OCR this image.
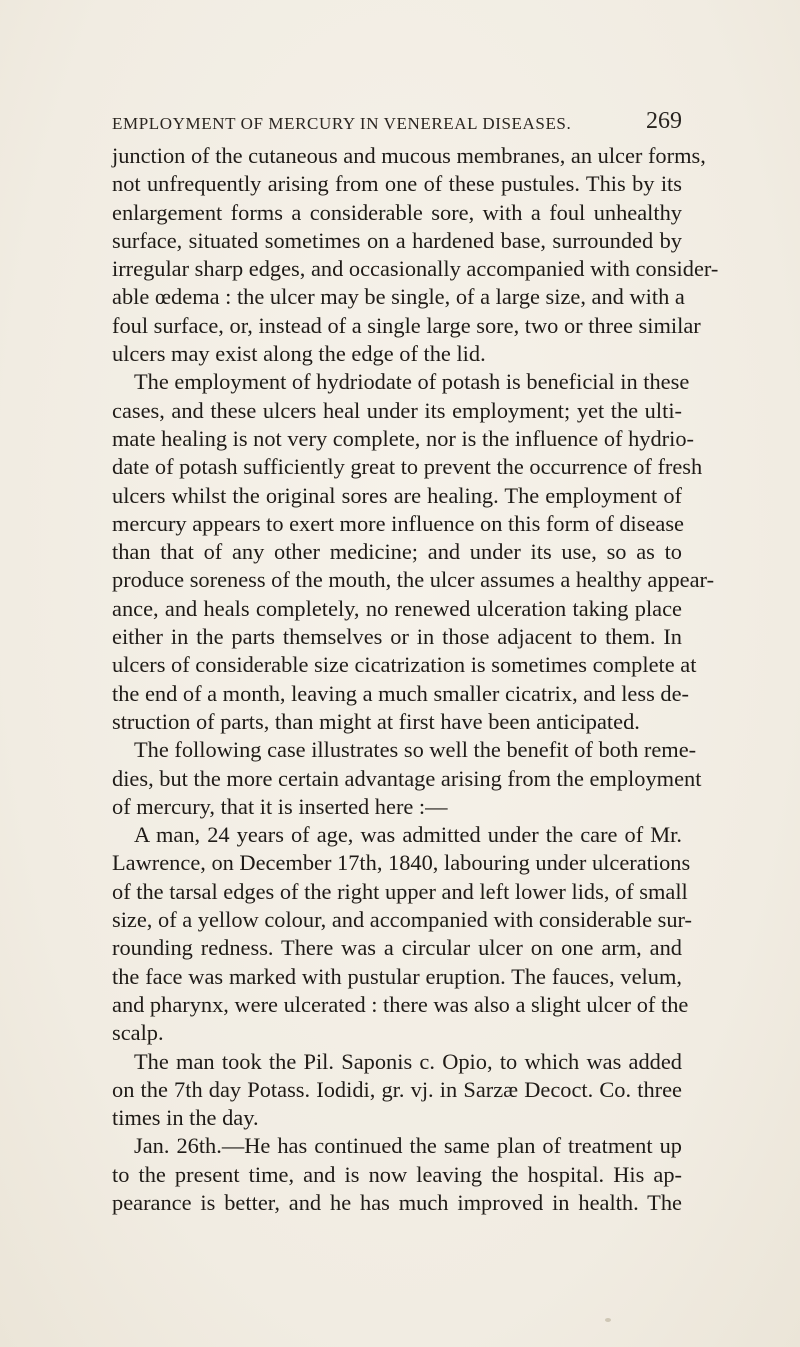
EMPLOYMENT OF MERCURY IN VENEREAL DISEASES.	269
junction of the cutaneous and mucous membranes, an ulcer forms,
not unfrequently arising from one of these pustules. This by its
enlargement forms a considerable sore, with a foul unhealthy
surface, situated sometimes on a hardened base, surrounded by
irregular sharp edges, and occasionally accompanied with consider-
able œdema : the ulcer may be single, of a large size, and with a
foul surface, or, instead of a single large sore, two or three similar
ulcers may exist along the edge of the lid.
The employment of hydriodate of potash is beneficial in these
cases, and these ulcers heal under its employment; yet the ulti-
mate healing is not very complete, nor is the influence of hydrio-
date of potash sufficiently great to prevent the occurrence of fresh
ulcers whilst the original sores are healing. The employment of
mercury appears to exert more influence on this form of disease
than that of any other medicine; and under its use, so as to
produce soreness of the mouth, the ulcer assumes a healthy appear-
ance, and heals completely, no renewed ulceration taking place
either in the parts themselves or in those adjacent to them. In
ulcers of considerable size cicatrization is sometimes complete at
the end of a month, leaving a much smaller cicatrix, and less de-
struction of parts, than might at first have been anticipated.
The following case illustrates so well the benefit of both reme-
dies, but the more certain advantage arising from the employment
of mercury, that it is inserted here :—
A man, 24 years of age, was admitted under the care of Mr.
Lawrence, on December 17th, 1840, labouring under ulcerations
of the tarsal edges of the right upper and left lower lids, of small
size, of a yellow colour, and accompanied with considerable sur-
rounding redness. There was a circular ulcer on one arm, and
the face was marked with pustular eruption. The fauces, velum,
and pharynx, were ulcerated : there was also a slight ulcer of the
scalp.
The man took the Pil. Saponis c. Opio, to which was added
on the 7th day Potass. Iodidi, gr. vj. in Sarzæ Decoct. Co. three
times in the day.
Jan. 26th.—He has continued the same plan of treatment up
to the present time, and is now leaving the hospital. His ap-
pearance is better, and he has much improved in health. The
